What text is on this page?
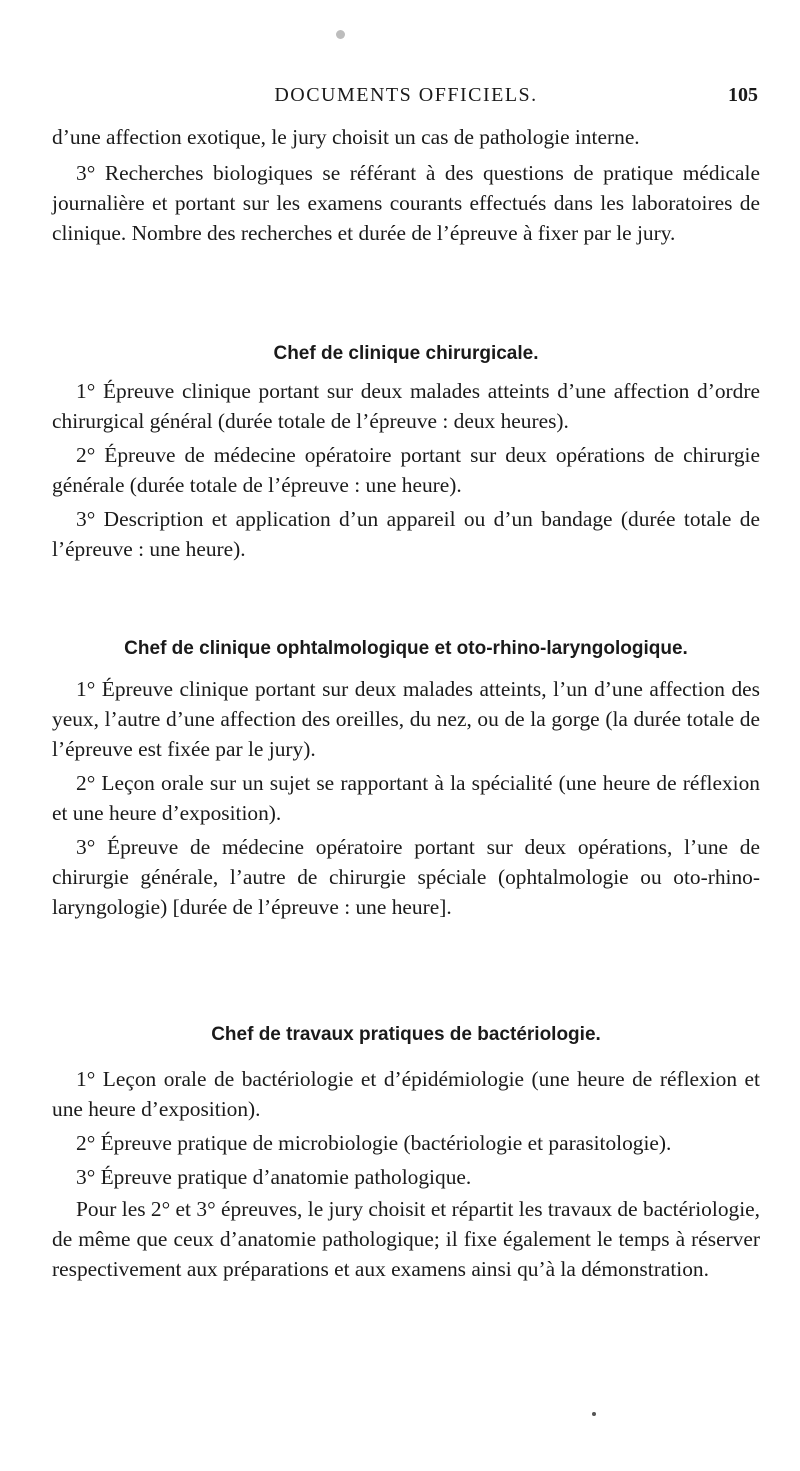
DOCUMENTS OFFICIELS.	105

d’une affection exotique, le jury choisit un cas de pathologie interne.

3° Recherches biologiques se référant à des questions de pratique médicale journalière et portant sur les examens courants effectués dans les laboratoires de clinique. Nombre des recherches et durée de l’épreuve à fixer par le jury.

Chef de clinique chirurgicale.

1° Épreuve clinique portant sur deux malades atteints d’une affection d’ordre chirurgical général (durée totale de l’épreuve : deux heures).

2° Épreuve de médecine opératoire portant sur deux opérations de chirurgie générale (durée totale de l’épreuve : une heure).

3° Description et application d’un appareil ou d’un bandage (durée totale de l’épreuve : une heure).

Chef de clinique ophtalmologique et oto-rhino-laryngologique.

1° Épreuve clinique portant sur deux malades atteints, l’un d’une affection des yeux, l’autre d’une affection des oreilles, du nez, ou de la gorge (la durée totale de l’épreuve est fixée par le jury).

2° Leçon orale sur un sujet se rapportant à la spécialité (une heure de réflexion et une heure d’exposition).

3° Épreuve de médecine opératoire portant sur deux opérations, l’une de chirurgie générale, l’autre de chirurgie spéciale (ophtalmologie ou oto-rhino-laryngologie) [durée de l’épreuve : une heure].

Chef de travaux pratiques de bactériologie.

1° Leçon orale de bactériologie et d’épidémiologie (une heure de réflexion et une heure d’exposition).

2° Épreuve pratique de microbiologie (bactériologie et parasitologie).

3° Épreuve pratique d’anatomie pathologique.

Pour les 2° et 3° épreuves, le jury choisit et répartit les travaux de bactériologie, de même que ceux d’anatomie pathologique; il fixe également le temps à réserver respectivement aux préparations et aux examens ainsi qu’à la démonstration.
